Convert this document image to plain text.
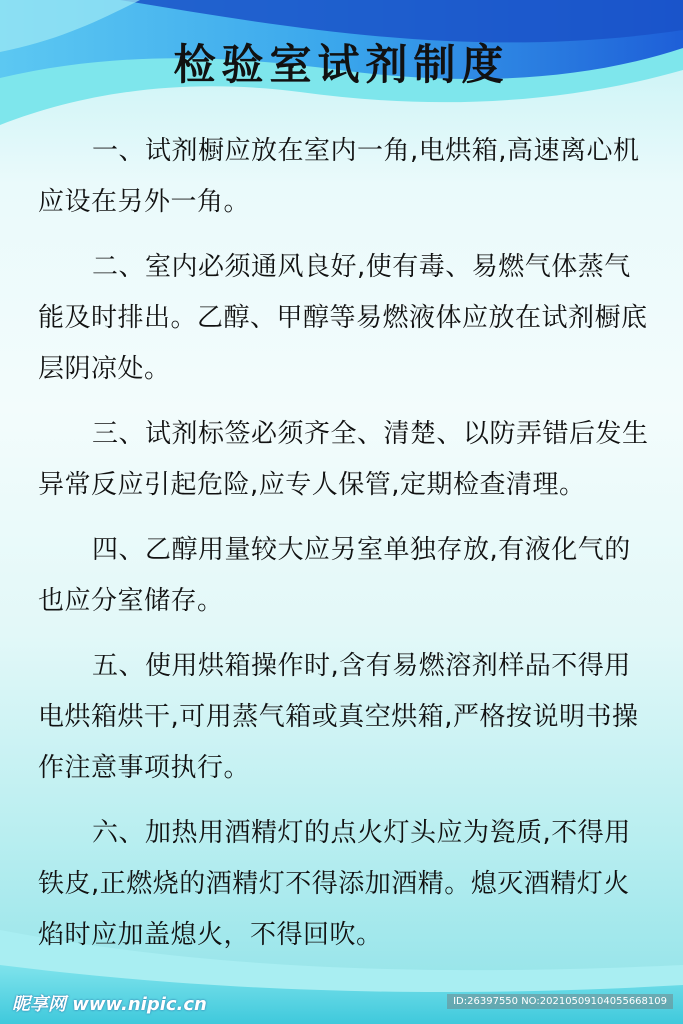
检验室试剂制度

一、试剂橱应放在室内一角,电烘箱,高速离心机应设在另外一角。

二、室内必须通风良好,使有毒、易燃气体蒸气能及时排出。乙醇、甲醇等易燃液体应放在试剂橱底层阴凉处。

三、试剂标签必须齐全、清楚、以防弄错后发生异常反应引起危险,应专人保管,定期检查清理。

四、乙醇用量较大应另室单独存放,有液化气的也应分室储存。

五、使用烘箱操作时,含有易燃溶剂样品不得用电烘箱烘干,可用蒸气箱或真空烘箱,严格按说明书操作注意事项执行。

六、加热用酒精灯的点火灯头应为瓷质,不得用铁皮,正燃烧的酒精灯不得添加酒精。熄灭酒精灯火焰时应加盖熄火，不得回吹。

昵享网 www.nipic.cn	ID:26397550 NO:20210509104055668109
